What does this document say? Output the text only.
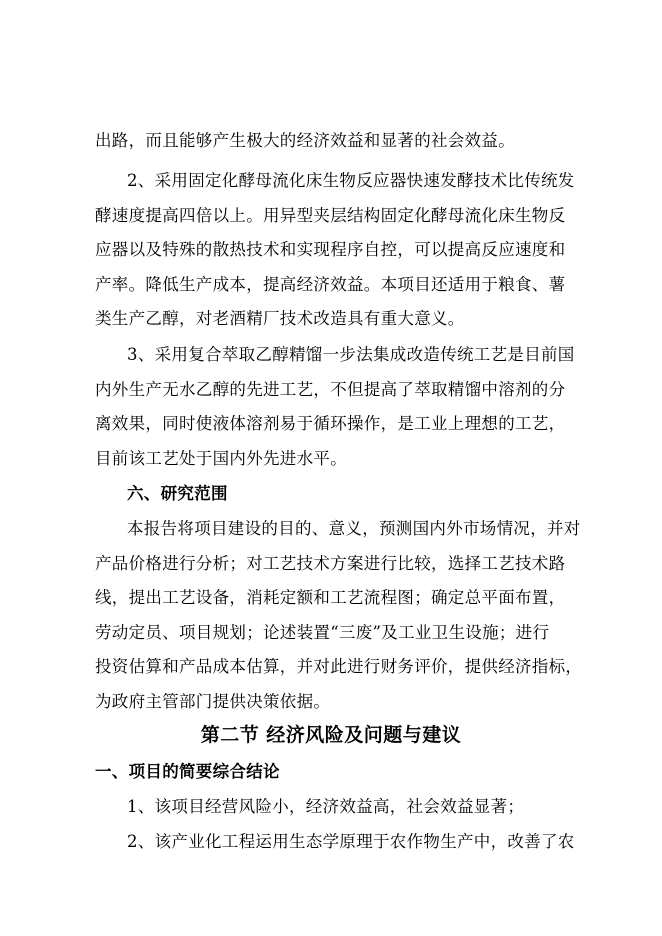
出路，而且能够产生极大的经济效益和显著的社会效益。
2、采用固定化酵母流化床生物反应器快速发酵技术比传统发
酵速度提高四倍以上。用异型夹层结构固定化酵母流化床生物反
应器以及特殊的散热技术和实现程序自控，可以提高反应速度和
产率。降低生产成本，提高经济效益。本项目还适用于粮食、薯
类生产乙醇，对老酒精厂技术改造具有重大意义。
3、采用复合萃取乙醇精馏一步法集成改造传统工艺是目前国
内外生产无水乙醇的先进工艺，不但提高了萃取精馏中溶剂的分
离效果，同时使液体溶剂易于循环操作，是工业上理想的工艺，
目前该工艺处于国内外先进水平。
六、研究范围
本报告将项目建设的目的、意义，预测国内外市场情况，并对
产品价格进行分析；对工艺技术方案进行比较，选择工艺技术路
线，提出工艺设备，消耗定额和工艺流程图；确定总平面布置，
劳动定员、项目规划；论述装置“三废”及工业卫生设施；进行
投资估算和产品成本估算，并对此进行财务评价，提供经济指标，
为政府主管部门提供决策依据。
第二节 经济风险及问题与建议
一、项目的简要综合结论
1、该项目经营风险小，经济效益高，社会效益显著；
2、该产业化工程运用生态学原理于农作物生产中，改善了农
